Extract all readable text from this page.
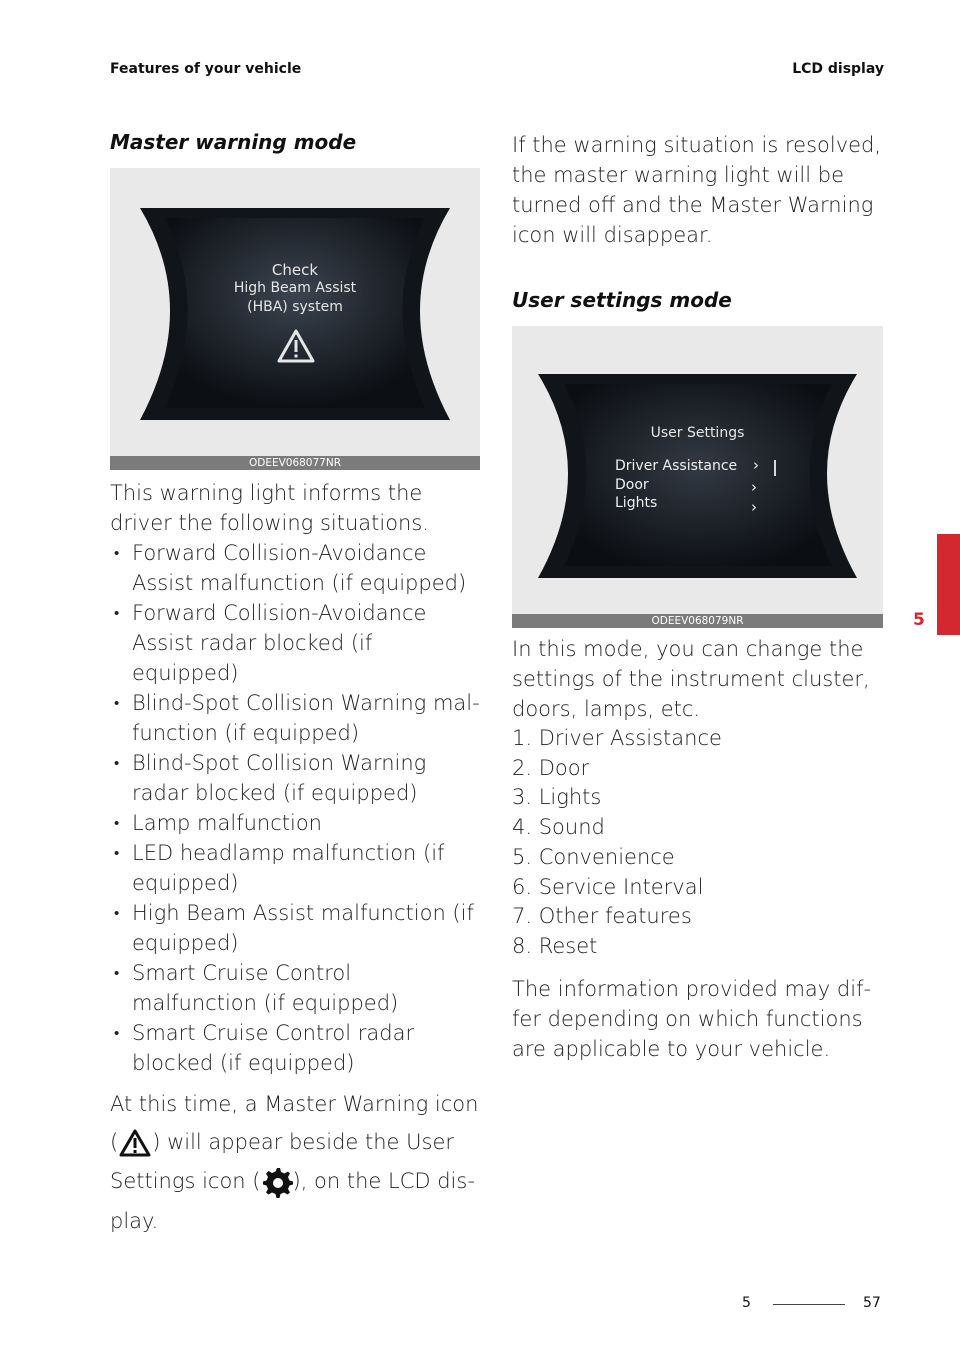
Features of your vehicle	LCD display
Master warning mode
Check
High Beam Assist
(HBA) system
ODEEV068077NR

This warning light informs the driver the following situations.

• Forward Collision-Avoidance Assist malfunction (if equipped)
• Forward Collision-Avoidance Assist radar blocked (if equipped)
• Blind-Spot Collision Warning mal-function (if equipped)
• Blind-Spot Collision Warning radar blocked (if equipped)
• Lamp malfunction
• LED headlamp malfunction (if equipped)
• High Beam Assist malfunction (if equipped)
• Smart Cruise Control malfunction (if equipped)
• Smart Cruise Control radar blocked (if equipped)
At this time, a Master Warning icon
( ) will appear beside the User
Settings icon ( ), on the LCD dis-
play.

If the warning situation is resolved, the master warning light will be turned off and the Master Warning icon will disappear.

User settings mode
User Settings
Driver Assistance
Door
Lights
›
›
›
ODEEV068079NR

In this mode, you can change the settings of the instrument cluster, doors, lamps, etc.

1. Driver Assistance
2. Door
3. Lights
4. Sound
5. Convenience
6. Service Interval
7. Other features
8. Reset

The information provided may dif-fer depending on which functions are applicable to your vehicle.

5
5	57
